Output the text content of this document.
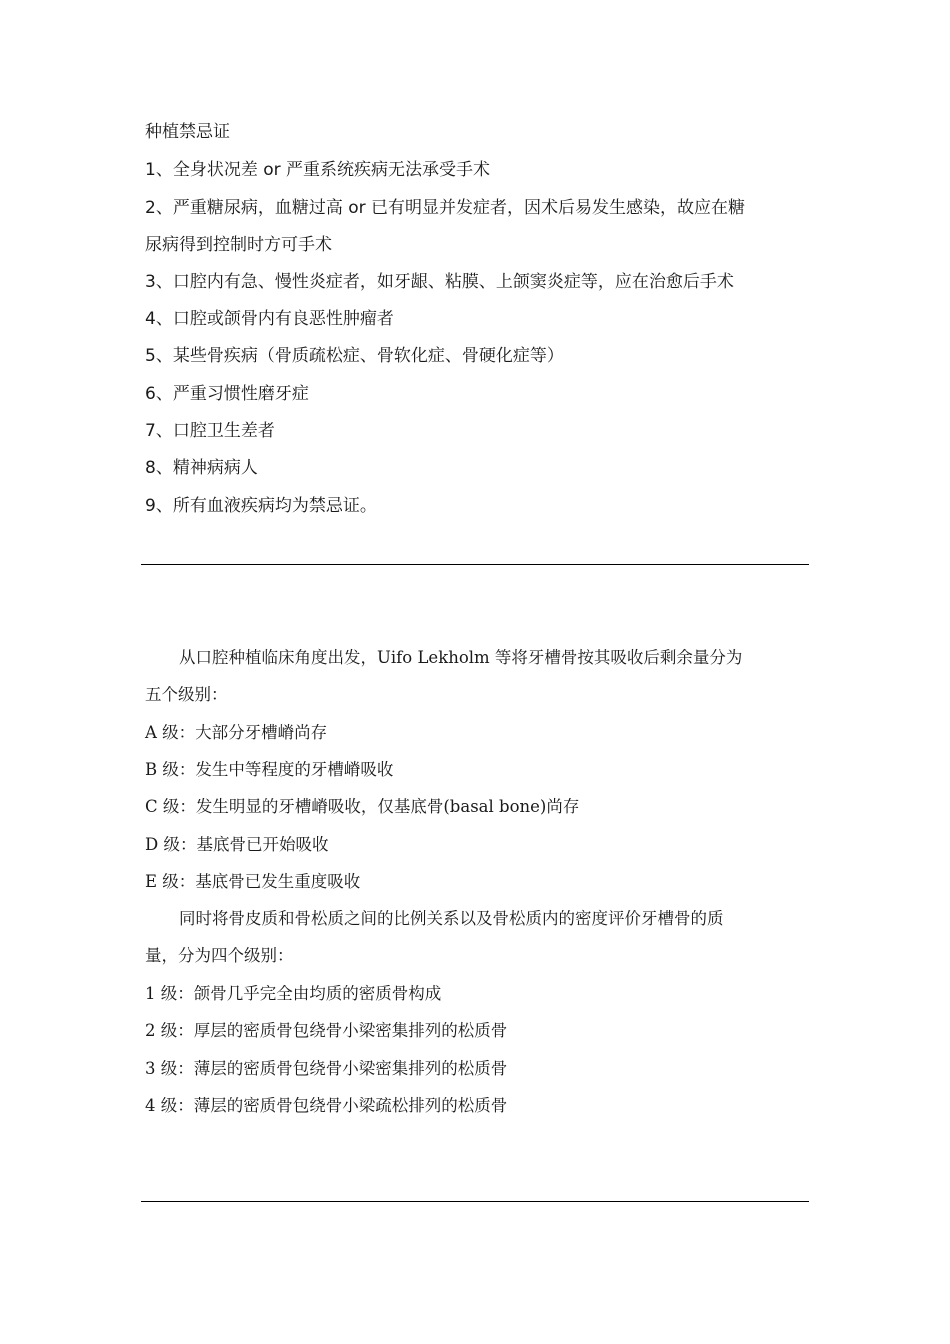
种植禁忌证
1、全身状况差 or 严重系统疾病无法承受手术
2、严重糖尿病，血糖过高 or 已有明显并发症者，因术后易发生感染，故应在糖
尿病得到控制时方可手术
3、口腔内有急、慢性炎症者，如牙龈、粘膜、上颌窦炎症等，应在治愈后手术
4、口腔或颌骨内有良恶性肿瘤者
5、某些骨疾病（骨质疏松症、骨软化症、骨硬化症等）
6、严重习惯性磨牙症
7、口腔卫生差者
8、精神病病人
9、所有血液疾病均为禁忌证。
从口腔种植临床角度出发，Uifo Lekholm 等将牙槽骨按其吸收后剩余量分为
五个级别：
A 级：大部分牙槽嵴尚存
B 级：发生中等程度的牙槽嵴吸收
C 级：发生明显的牙槽嵴吸收，仅基底骨(basal bone)尚存
D 级：基底骨已开始吸收
E 级：基底骨已发生重度吸收
同时将骨皮质和骨松质之间的比例关系以及骨松质内的密度评价牙槽骨的质
量，分为四个级别：
1 级：颌骨几乎完全由均质的密质骨构成
2 级：厚层的密质骨包绕骨小梁密集排列的松质骨
3 级：薄层的密质骨包绕骨小梁密集排列的松质骨
4 级：薄层的密质骨包绕骨小梁疏松排列的松质骨
